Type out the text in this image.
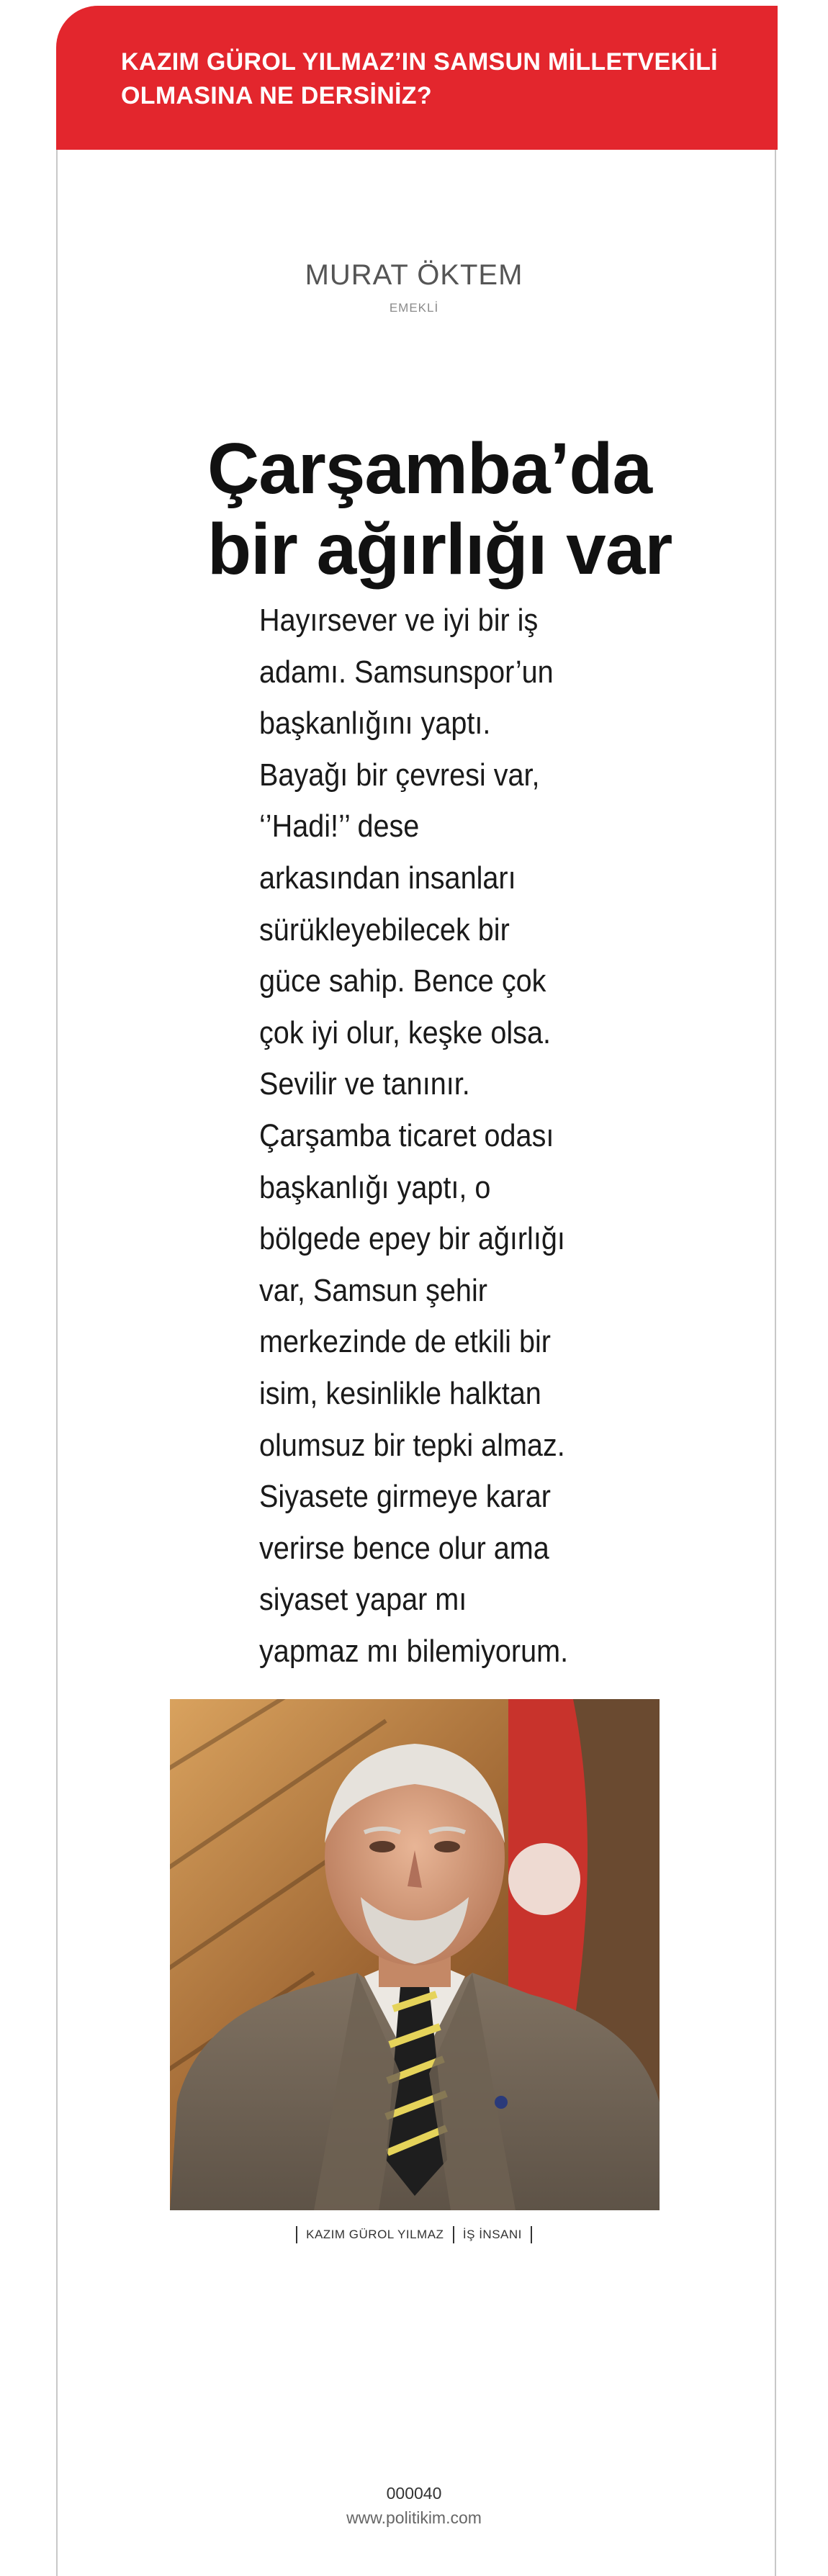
KAZIM GÜROL YILMAZ’IN SAMSUN MİLLETVEKİLİ OLMASINA NE DERSİNİZ?

MURAT ÖKTEM
EMEKLİ
Çarşamba’da
bir ağırlığı var

Hayırsever ve iyi bir iş
adamı. Samsunspor’un
başkanlığını yaptı.
Bayağı bir çevresi var,
‘’Hadi!’’ dese
arkasından insanları
sürükleyebilecek bir
güce sahip. Bence çok
çok iyi olur, keşke olsa.
Sevilir ve tanınır.
Çarşamba ticaret odası
başkanlığı yaptı, o
bölgede epey bir ağırlığı
var, Samsun şehir
merkezinde de etkili bir
isim, kesinlikle halktan
olumsuz bir tepki almaz.
Siyasete girmeye karar
verirse bence olur ama
siyaset yapar mı
yapmaz mı bilemiyorum.

KAZIM GÜROL YILMAZ İŞ İNSANI
000040
www.politikim.com
